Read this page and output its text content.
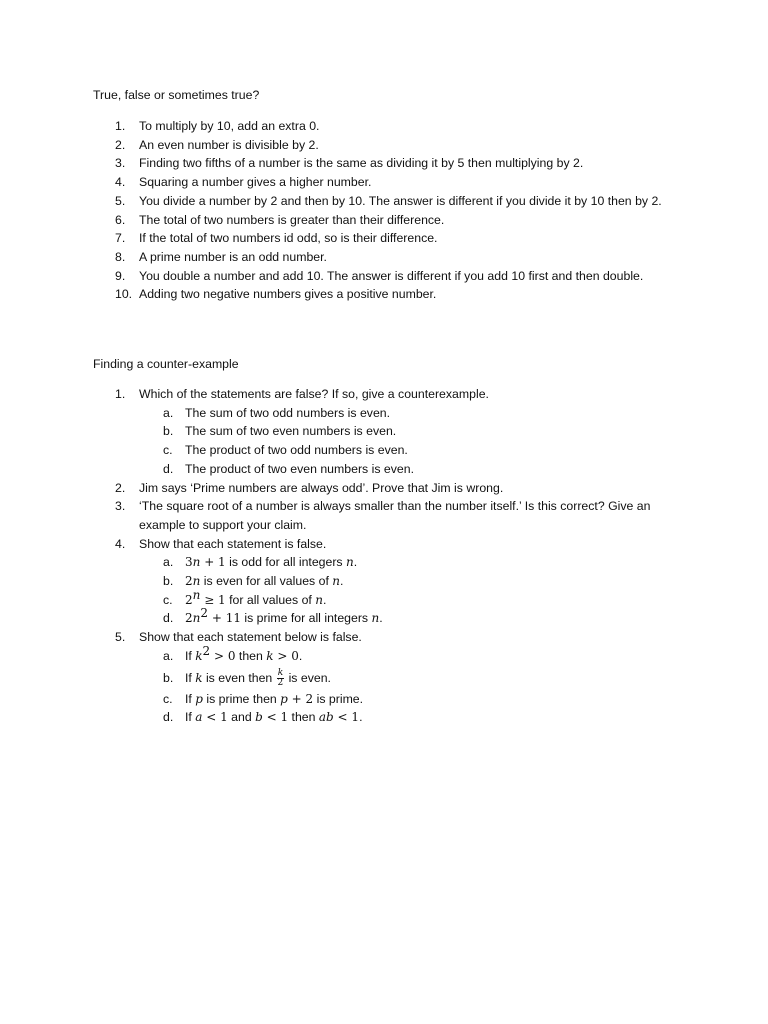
True, false or sometimes true?
1.	To multiply by 10, add an extra 0.
2.	An even number is divisible by 2.
3.	Finding two fifths of a number is the same as dividing it by 5 then multiplying by 2.
4.	Squaring a number gives a higher number.
5.	You divide a number by 2 and then by 10. The answer is different if you divide it by 10 then by 2.
6.	The total of two numbers is greater than their difference.
7.	If the total of two numbers id odd, so is their difference.
8.	A prime number is an odd number.
9.	You double a number and add 10. The answer is different if you add 10 first and then double.
10. Adding two negative numbers gives a positive number.
Finding a counter-example
1.	Which of the statements are false? If so, give a counterexample.
a. The sum of two odd numbers is even.
b. The sum of two even numbers is even.
c. The product of two odd numbers is even.
d. The product of two even numbers is even.
2.	Jim says ‘Prime numbers are always odd’. Prove that Jim is wrong.
3.	‘The square root of a number is always smaller than the number itself.’ Is this correct? Give an example to support your claim.
4.	Show that each statement is false.
a. 3n + 1 is odd for all integers n.
b. 2n is even for all values of n.
c. $2^n \ge 1$ for all values of n.
d. $2n^2 + 11$ is prime for all integers n.
5.	Show that each statement below is false.
a. If $k^2 > 0$ then k > 0.
b. If k is even then $\frac{k}{2}$ is even.
c. If p is prime then p + 2 is prime.
d. If a < 1 and b < 1 then ab < 1.
